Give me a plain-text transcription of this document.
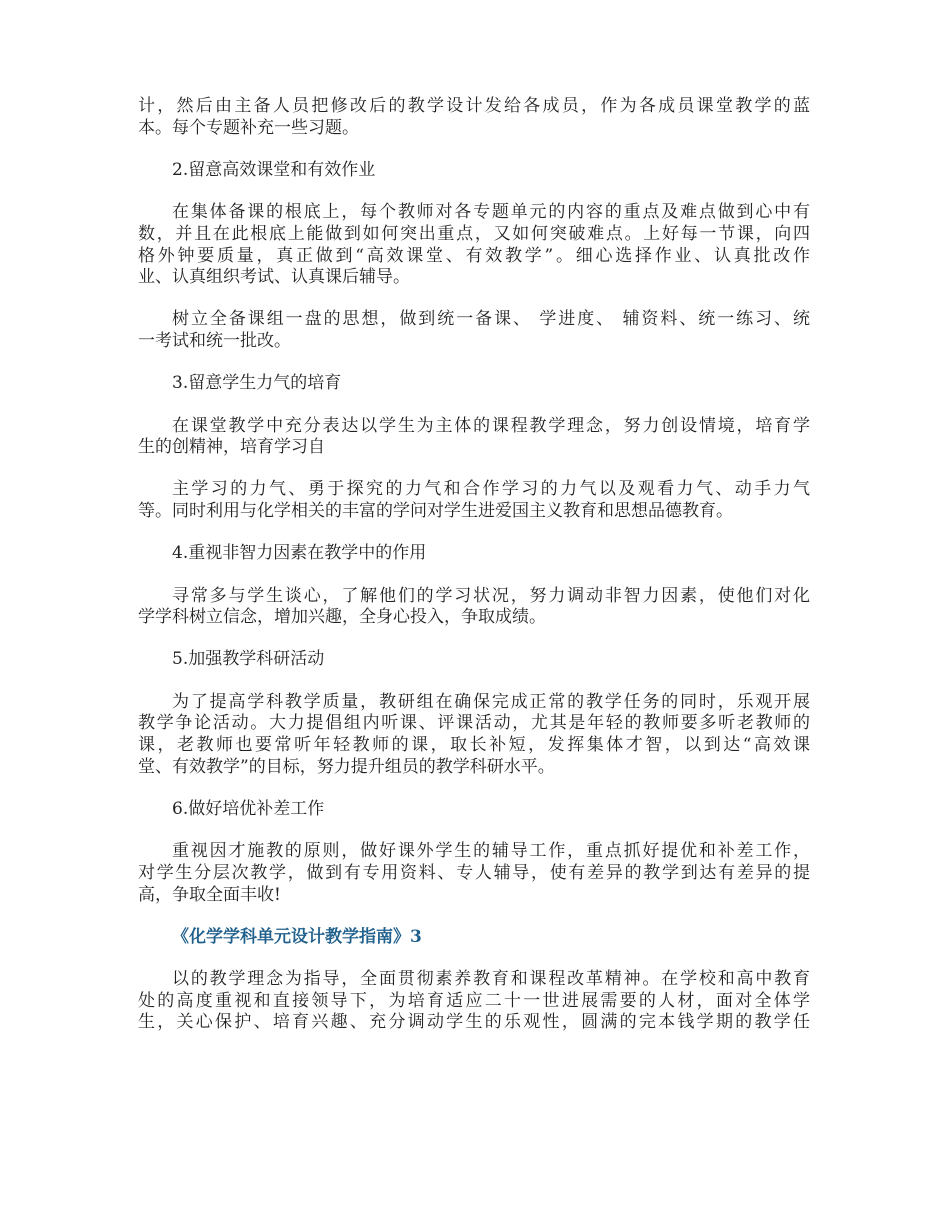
计，然后由主备人员把修改后的教学设计发给各成员，作为各成员课堂教学的蓝
本。每个专题补充一些习题。
2.留意高效课堂和有效作业
在集体备课的根底上，每个教师对各专题单元的内容的重点及难点做到心中有
数，并且在此根底上能做到如何突出重点，又如何突破难点。上好每一节课，向四
格外钟要质量，真正做到“高效课堂、有效教学”。细心选择作业、认真批改作
业、认真组织考试、认真课后辅导。
树立全备课组一盘的思想，做到统一备课、 学进度、 辅资料、统一练习、统
一考试和统一批改。
3.留意学生力气的培育
在课堂教学中充分表达以学生为主体的课程教学理念，努力创设情境，培育学
生的创精神，培育学习自
主学习的力气、勇于探究的力气和合作学习的力气以及观看力气、动手力气
等。同时利用与化学相关的丰富的学问对学生进爱国主义教育和思想品德教育。
4.重视非智力因素在教学中的作用
寻常多与学生谈心，了解他们的学习状况，努力调动非智力因素，使他们对化
学学科树立信念，增加兴趣，全身心投入，争取成绩。
5.加强教学科研活动
为了提高学科教学质量，教研组在确保完成正常的教学任务的同时，乐观开展
教学争论活动。大力提倡组内听课、评课活动，尤其是年轻的教师要多听老教师的
课，老教师也要常听年轻教师的课，取长补短，发挥集体才智，以到达“高效课
堂、有效教学”的目标，努力提升组员的教学科研水平。
6.做好培优补差工作
重视因才施教的原则，做好课外学生的辅导工作，重点抓好提优和补差工作，
对学生分层次教学，做到有专用资料、专人辅导，使有差异的教学到达有差异的提
高，争取全面丰收!
《化学学科单元设计教学指南》3
以的教学理念为指导，全面贯彻素养教育和课程改革精神。在学校和高中教育
处的高度重视和直接领导下，为培育适应二十一世进展需要的人材，面对全体学
生，关心保护、培育兴趣、充分调动学生的乐观性，圆满的完本钱学期的教学任
